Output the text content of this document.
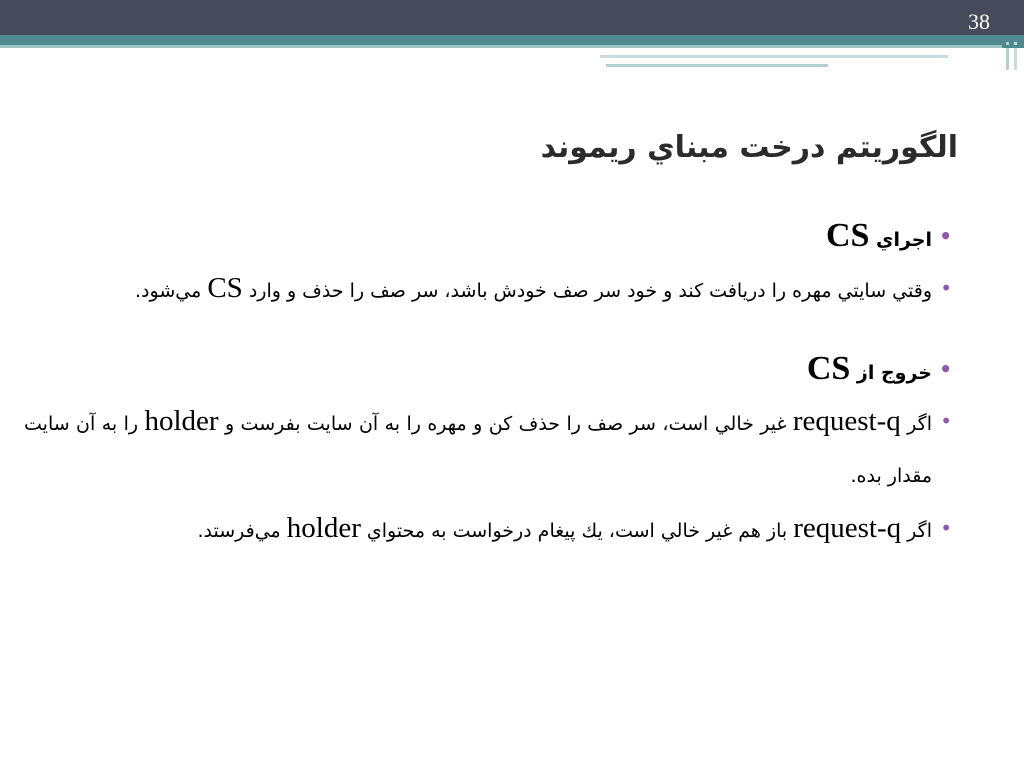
38
الگوريتم درخت مبناي ريموند

•
اجراي CS

•
وقتي سايتي مهره را دريافت كند و خود سر صف خودش باشد، سر صف را حذف و وارد CS مي‌شود.

•
خروج از CS

•
اگر request-q غير خالي است، سر صف را حذف كن و مهره را به آن سايت بفرست و holder را به آن سايت مقدار بده.

•
اگر request-q باز هم غير خالي است، يك پيغام درخواست به محتواي holder مي‌فرستد.
